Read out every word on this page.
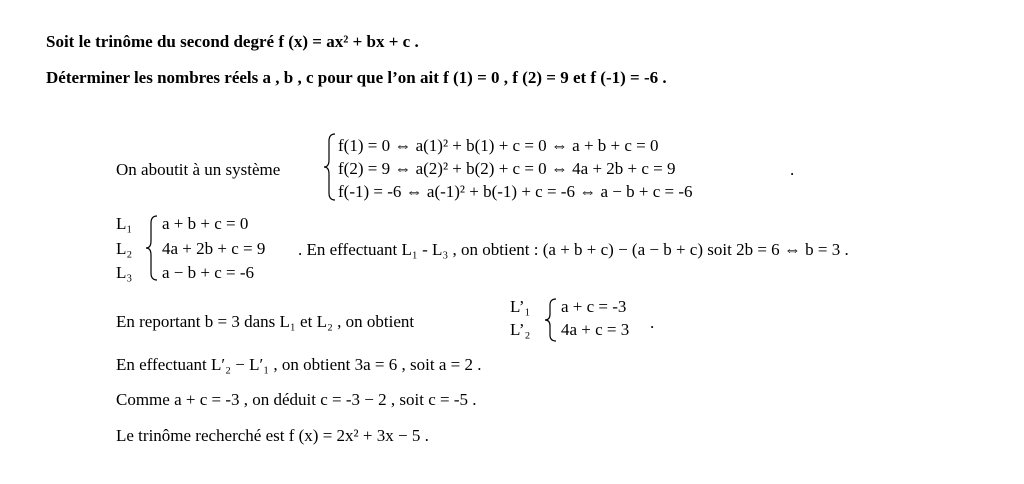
Soit le trinôme du second degré f (x) = ax² + bx + c .
Déterminer les nombres réels a , b , c pour que l’on ait f (1) = 0 , f (2) = 9 et f (-1) = -6 .
On aboutit à un système
f(1) = 0 ⇔ a(1)² + b(1) + c = 0 ⇔ a + b + c = 0
f(2) = 9 ⇔ a(2)² + b(2) + c = 0 ⇔ 4a + 2b + c = 9
f(-1) = -6 ⇔ a(-1)² + b(-1) + c = -6 ⇔ a − b + c = -6
.
L₁
L₂
L₃
a + b + c = 0
4a + 2b + c = 9
a − b + c = -6
. En effectuant L₁ - L₃ , on obtient : (a + b + c) − (a − b + c) soit 2b = 6 ⇔ b = 3 .
En reportant b = 3 dans L₁ et L₂ , on obtient
L’₁
L’₂
a + c = -3
4a + c = 3 .
En effectuant L′₂ − L′₁ , on obtient 3a = 6 , soit a = 2 .
Comme a + c = -3 , on déduit c = -3 − 2 , soit c = -5 .
Le trinôme recherché est f (x) = 2x² + 3x − 5 .
